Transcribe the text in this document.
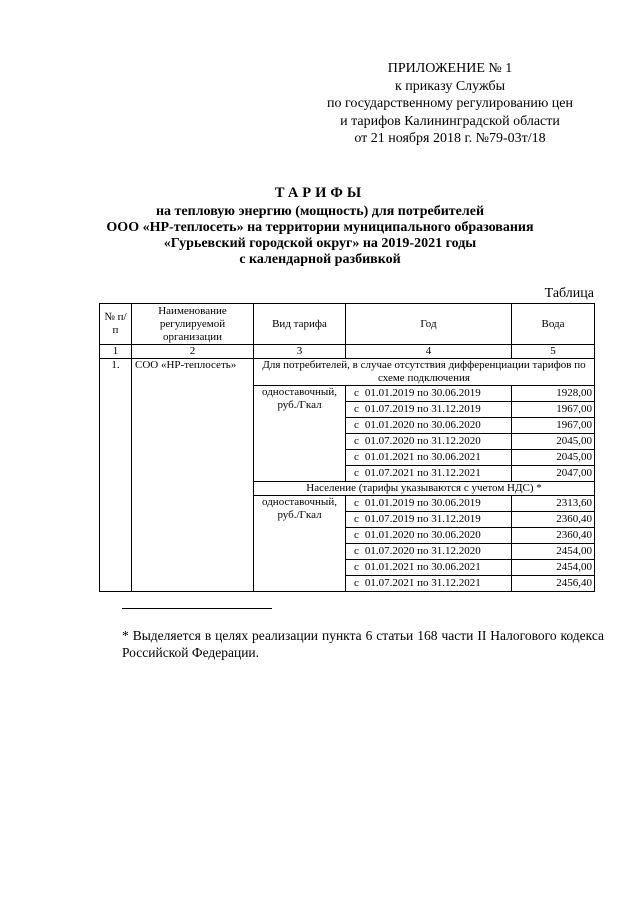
ПРИЛОЖЕНИЕ № 1
к приказу Службы
по государственному регулированию цен
и тарифов Калининградской области
от 21 ноября 2018 г. №79-03т/18
ТАРИФЫ
на тепловую энергию (мощность) для потребителей
ООО «НР-теплосеть» на территории муниципального образования
«Гурьевский городской округ» на 2019-2021 годы
с календарной разбивкой
Таблица
№ п/п	Наименование регулируемой организации	Вид тарифа	Год	Вода
1	2	3	4	5
1.	СОО «НР-теплосеть»	Для потребителей, в случае отсутствия дифференциации тарифов по схеме подключения		
		одноставочный, руб./Гкал	с 01.01.2019 по 30.06.2019	1928,00
			с 01.07.2019 по 31.12.2019	1967,00
			с 01.01.2020 по 30.06.2020	1967,00
			с 01.07.2020 по 31.12.2020	2045,00
			с 01.01.2021 по 30.06.2021	2045,00
			с 01.07.2021 по 31.12.2021	2047,00
		Население (тарифы указываются с учетом НДС) *		
		одноставочный, руб./Гкал	с 01.01.2019 по 30.06.2019	2313,60
			с 01.07.2019 по 31.12.2019	2360,40
			с 01.01.2020 по 30.06.2020	2360,40
			с 01.07.2020 по 31.12.2020	2454,00
			с 01.01.2021 по 30.06.2021	2454,00
			с 01.07.2021 по 31.12.2021	2456,40
* Выделяется в целях реализации пункта 6 статьи 168 части II Налогового кодекса Российской Федерации.
